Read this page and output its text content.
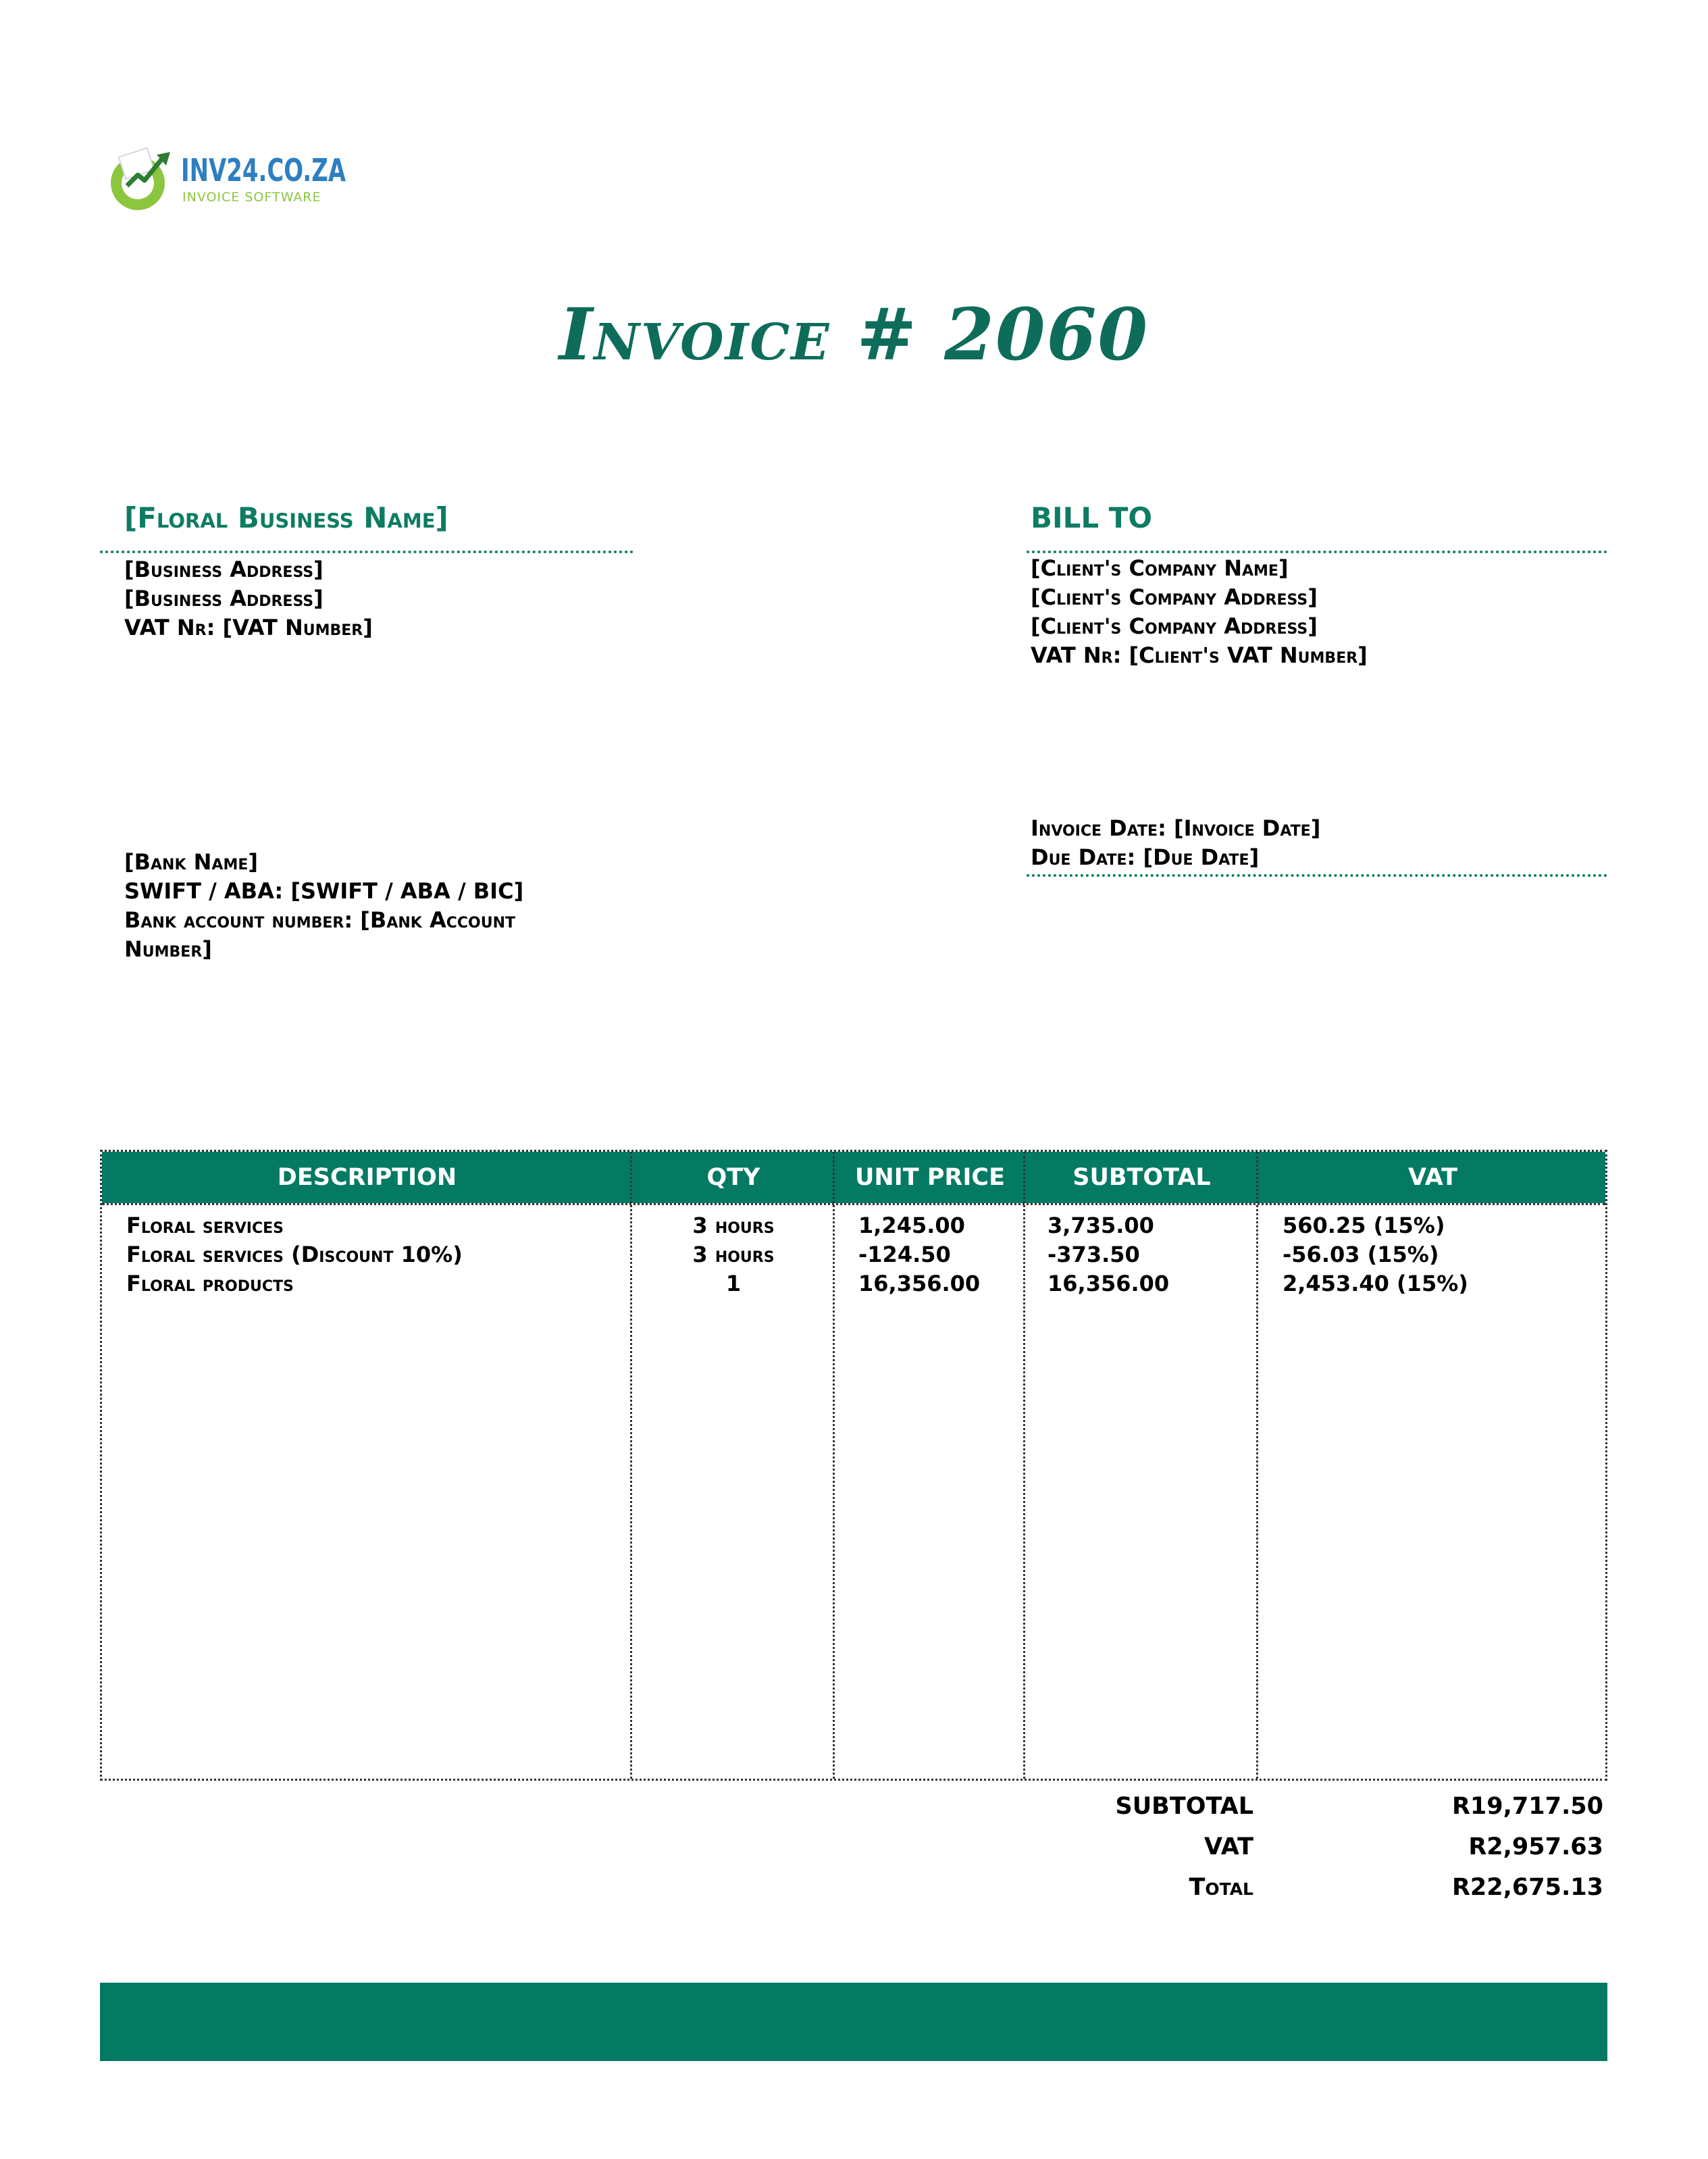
INV24.CO.ZA
INVOICE SOFTWARE
Invoice # 2060
[Floral Business Name]
[Business Address]
[Business Address]
VAT Nr: [VAT Number]
[Bank Name]
SWIFT / ABA: [SWIFT / ABA / BIC]
Bank account number: [Bank Account
Number]
BILL TO
[Client's Company Name]
[Client's Company Address]
[Client's Company Address]
VAT Nr: [Client's VAT Number]
Invoice Date: [Invoice Date]
Due Date: [Due Date]
DESCRIPTION	QTY	UNIT PRICE	SUBTOTAL	VAT
Floral services	3 hours	1,245.00	3,735.00	560.25 (15%)
Floral services (Discount 10%)	3 hours	-124.50	-373.50	-56.03 (15%)
Floral products	1	16,356.00	16,356.00	2,453.40 (15%)
SUBTOTAL	R19,717.50
VAT	R2,957.63
Total	R22,675.13
